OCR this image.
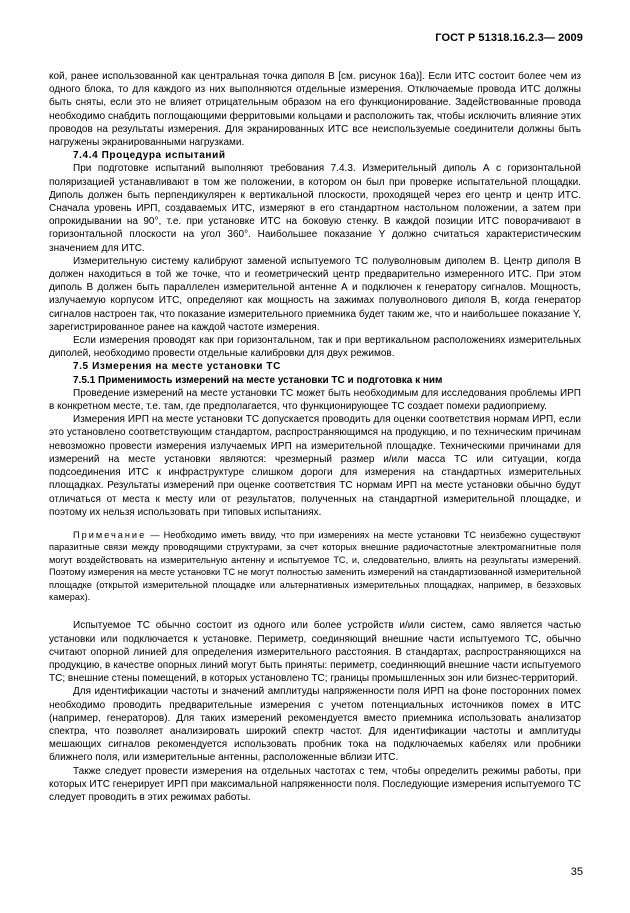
ГОСТ Р 51318.16.2.3— 2009

кой, ранее использованной как центральная точка диполя В [см. рисунок 16а)]. Если ИТС состоит более чем из одного блока, то для каждого из них выполняются отдельные измерения. Отключаемые провода ИТС должны быть сняты, если это не влияет отрицательным образом на его функционирование. Задействованные провода необходимо снабдить поглощающими ферритовыми кольцами и расположить так, чтобы исключить влияние этих проводов на результаты измерения. Для экранированных ИТС все неиспользуемые соединители должны быть нагружены экранированными нагрузками.

7.4.4 Процедура испытаний

При подготовке испытаний выполняют требования 7.4.3. Измерительный диполь А с горизонтальной поляризацией устанавливают в том же положении, в котором он был при проверке испытательной площадки. Диполь должен быть перпендикулярен к вертикальной плоскости, проходящей через его центр и центр ИТС. Сначала уровень ИРП, создаваемых ИТС, измеряют в его стандартном настольном положении, а затем при опрокидывании на 90°, т.е. при установке ИТС на боковую стенку. В каждой позиции ИТС поворачивают в горизонтальной плоскости на угол 360°. Наибольшее показание Y должно считаться характеристическим значением для ИТС.

Измерительную систему калибруют заменой испытуемого ТС полуволновым диполем В. Центр диполя В должен находиться в той же точке, что и геометрический центр предварительно измеренного ИТС. При этом диполь В должен быть параллелен измерительной антенне А и подключен к генератору сигналов. Мощность, излучаемую корпусом ИТС, определяют как мощность на зажимах полуволнового диполя В, когда генератор сигналов настроен так, что показание измерительного приемника будет таким же, что и наибольшее показание Y, зарегистрированное ранее на каждой частоте измерения.

Если измерения проводят как при горизонтальном, так и при вертикальном расположениях измерительных диполей, необходимо провести отдельные калибровки для двух режимов.

7.5 Измерения на месте установки ТС

7.5.1 Применимость измерений на месте установки ТС и подготовка к ним

Проведение измерений на месте установки ТС может быть необходимым для исследования проблемы ИРП в конкретном месте, т.е. там, где предполагается, что функционирующее ТС создает помехи радиоприему.

Измерения ИРП на месте установки ТС допускается проводить для оценки соответствия нормам ИРП, если это установлено соответствующим стандартом, распространяющимся на продукцию, и по техническим причинам невозможно провести измерения излучаемых ИРП на измерительной площадке. Техническими причинами для измерений на месте установки являются: чрезмерный размер и/или масса ТС или ситуации, когда подсоединения ИТС к инфраструктуре слишком дороги для измерения на стандартных измерительных площадках. Результаты измерений при оценке соответствия ТС нормам ИРП на месте установки обычно будут отличаться от места к месту или от результатов, полученных на стандартной измерительной площадке, и поэтому их нельзя использовать при типовых испытаниях.

Примечание — Необходимо иметь ввиду, что при измерениях на месте установки ТС неизбежно существуют паразитные связи между проводящими структурами, за счет которых внешние радиочастотные электромагнитные поля могут воздействовать на измерительную антенну и испытуемое ТС, и, следовательно, влиять на результаты измерений. Поэтому измерения на месте установки ТС не могут полностью заменить измерений на стандартизованной измерительной площадке (открытой измерительной площадке или альтернативных измерительных площадках, например, в безэховых камерах).

Испытуемое ТС обычно состоит из одного или более устройств и/или систем, само является частью установки или подключается к установке. Периметр, соединяющий внешние части испытуемого ТС, обычно считают опорной линией для определения измерительного расстояния. В стандартах, распространяющихся на продукцию, в качестве опорных линий могут быть приняты: периметр, соединяющий внешние части испытуемого ТС; внешние стены помещений, в которых установлено ТС; границы промышленных зон или бизнес-территорий.

Для идентификации частоты и значений амплитуды напряженности поля ИРП на фоне посторонних помех необходимо проводить предварительные измерения с учетом потенциальных источников помех в ИТС (например, генераторов). Для таких измерений рекомендуется вместо приемника использовать анализатор спектра, что позволяет анализировать широкий спектр частот. Для идентификации частоты и амплитуды мешающих сигналов рекомендуется использовать пробник тока на подключаемых кабелях или пробники ближнего поля, или измерительные антенны, расположенные вблизи ИТС.

Также следует провести измерения на отдельных частотах с тем, чтобы определить режимы работы, при которых ИТС генерирует ИРП при максимальной напряженности поля. Последующие измерения испытуемого ТС следует проводить в этих режимах работы.

35
